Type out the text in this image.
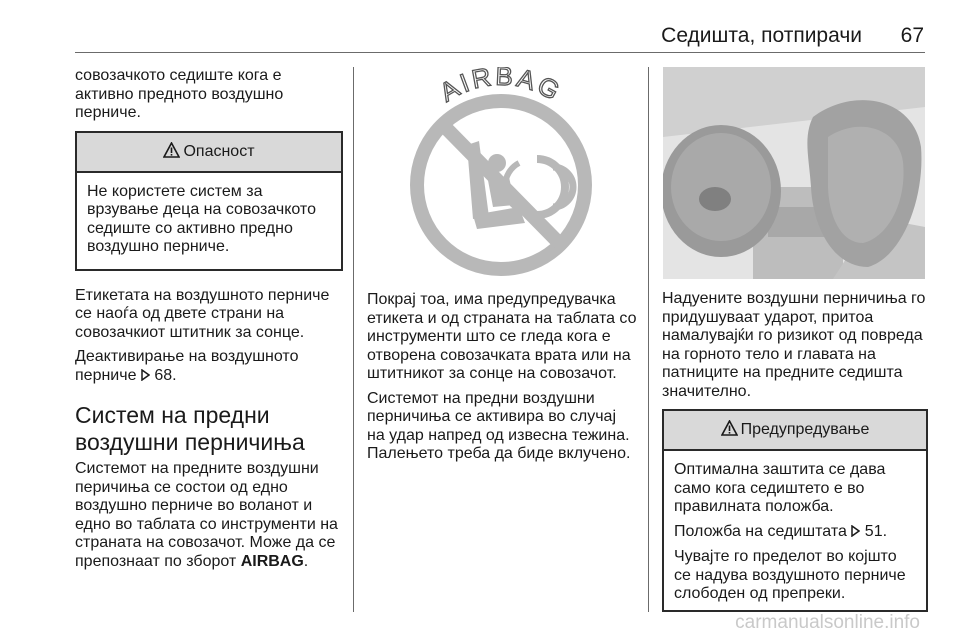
Седишта, потпирачи 67

совозачкото седиште кога е активно предното воздушно перниче.

Опасност

Не користете систем за врзување деца на совозачкото седиште со активно предно воздушно перниче.

Етикетата на воздушното перниче се наоѓа од двете страни на совозачкиот штитник за сонце.

Деактивирање на воздушното перниче 68.

Систем на предни воздушни перничиња

Системот на предните воздушни перичиња се состои од едно воздушно перниче во воланот и едно во таблата со инструменти на страната на совозачот. Може да се препознаат по зборот AIRBAG.

AIRBAG

Покрај тоа, има предупредувачка етикета и од страната на таблата со инструменти што се гледа кога е отворена совозачката врата или на штитникот за сонце на совозачот.

Системот на предни воздушни перничиња се активира во случај на удар напред од извесна тежина. Палењето треба да биде вклучено.

Надуените воздушни перничиња го придушуваат ударот, притоа намалувајќи го ризикот од повреда на горното тело и главата на патниците на предните седишта значително.

Предупредување

Оптимална заштита се дава само кога седиштето е во правилната положба.

Положба на седиштата 51.

Чувајте го пределот во којшто се надува воздушното перниче слободен од препреки.

carmanualsonline.info
